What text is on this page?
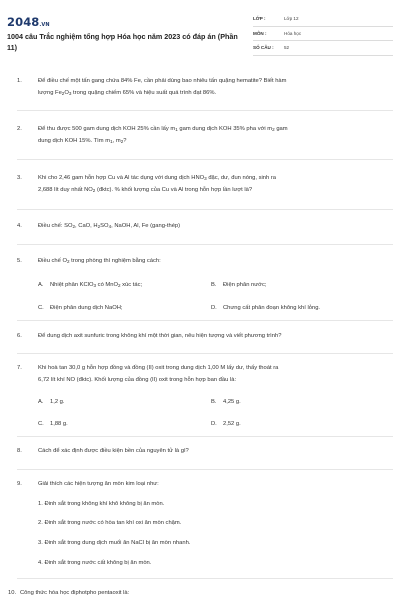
2048.VN
1004 câu Trắc nghiệm tổng hợp Hóa học năm 2023 có đáp án (Phần 11)
LỚP :	Lớp 12
MÔN :	Hóa học
SỐ CÂU : 52
1.	Để điều chế một tấn gang chứa 84% Fe, cần phải dùng bao nhiêu tấn quặng hematite? Biết hàm
lượng $Fe_2O_3$ trong quặng chiếm 65% và hiệu suất quá trình đạt 86%.
2.	Để thu được 500 gam dung dịch KOH 25% cần lấy $m_1$ gam dung dịch KOH 35% pha với $m_2$ gam
dung dịch KOH 15%. Tìm $m_1$, $m_2$?
3.	Khi cho 2,46 gam hỗn hợp Cu và Al tác dụng với dung dịch $HNO_3$ đặc, dư, đun nóng, sinh ra
2,688 lít duy nhất $NO_2$ (đktc). % khối lượng của Cu và Al trong hỗn hợp lần lượt là?
4.	Điều chế: $SO_2$, CaO, $H_2SO_4$, NaOH, Al, Fe (gang-thép)
5.	Điều chế $O_2$ trong phòng thí nghiệm bằng cách:
A. Nhiệt phân KClO$_3$ có MnO$_2$ xúc tác;	B. Điện phân nước;
C. Điện phân dung dịch NaOH;	D. Chưng cất phân đoạn không khí lỏng.
6.	Để dung dịch axit sunfuric trong không khí một thời gian, nêu hiện tượng và viết phương trình?
7.	Khi hoà tan 30,0 g hỗn hợp đồng và đồng (II) oxit trong dung dịch 1,00 M lấy dư, thấy thoát ra
6,72 lít khí NO (đktc). Khối lượng của đồng (II) oxit trong hỗn hợp ban đầu là:
A. 1,2 g.	B. 4,25 g.
C. 1,88 g.	D. 2,52 g.
8.	Cách để xác định được điều kiện bền của nguyên tử là gì?
9.	Giải thích các hiện tượng ăn mòn kim loại như:
1. Đinh sắt trong không khí khô không bị ăn mòn.
2. Đinh sắt trong nước có hòa tan khí oxi ăn mòn chậm.
3. Đinh sắt trong dung dịch muối ăn NaCl bị ăn mòn nhanh.
4. Đinh sắt trong nước cất không bị ăn mòn.
10. Công thức hóa học điphotpho pentaoxit là:
